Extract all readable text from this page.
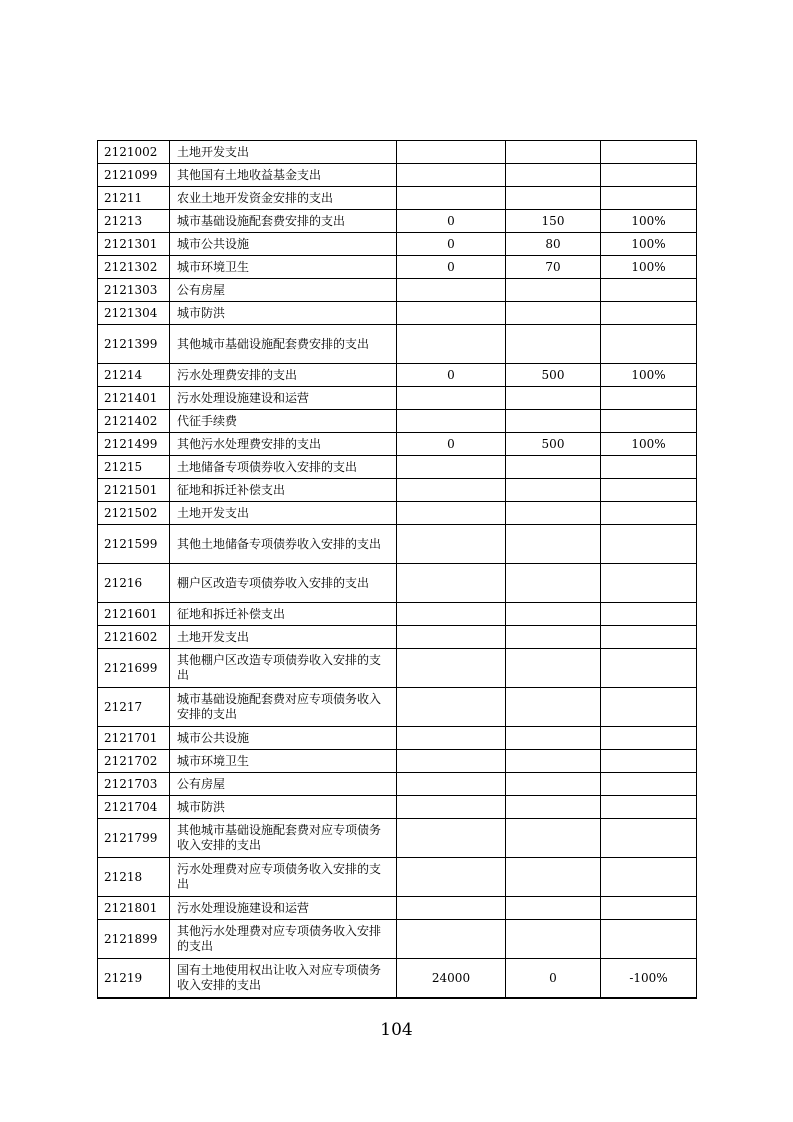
2121002	土地开发支出			
2121099	其他国有土地收益基金支出			
21211	农业土地开发资金安排的支出			
21213	城市基础设施配套费安排的支出	0	150	100%
2121301	城市公共设施	0	80	100%
2121302	城市环境卫生	0	70	100%
2121303	公有房屋			
2121304	城市防洪			
2121399	其他城市基础设施配套费安排的支出			
21214	污水处理费安排的支出	0	500	100%
2121401	污水处理设施建设和运营			
2121402	代征手续费			
2121499	其他污水处理费安排的支出	0	500	100%
21215	土地储备专项债券收入安排的支出			
2121501	征地和拆迁补偿支出			
2121502	土地开发支出			
2121599	其他土地储备专项债券收入安排的支出			
21216	棚户区改造专项债券收入安排的支出			
2121601	征地和拆迁补偿支出			
2121602	土地开发支出			
2121699	其他棚户区改造专项债券收入安排的支出			
21217	城市基础设施配套费对应专项债务收入安排的支出			
2121701	城市公共设施			
2121702	城市环境卫生			
2121703	公有房屋			
2121704	城市防洪			
2121799	其他城市基础设施配套费对应专项债务收入安排的支出			
21218	污水处理费对应专项债务收入安排的支出			
2121801	污水处理设施建设和运营			
2121899	其他污水处理费对应专项债务收入安排的支出			
21219	国有土地使用权出让收入对应专项债务收入安排的支出	24000	0	-100%
104
